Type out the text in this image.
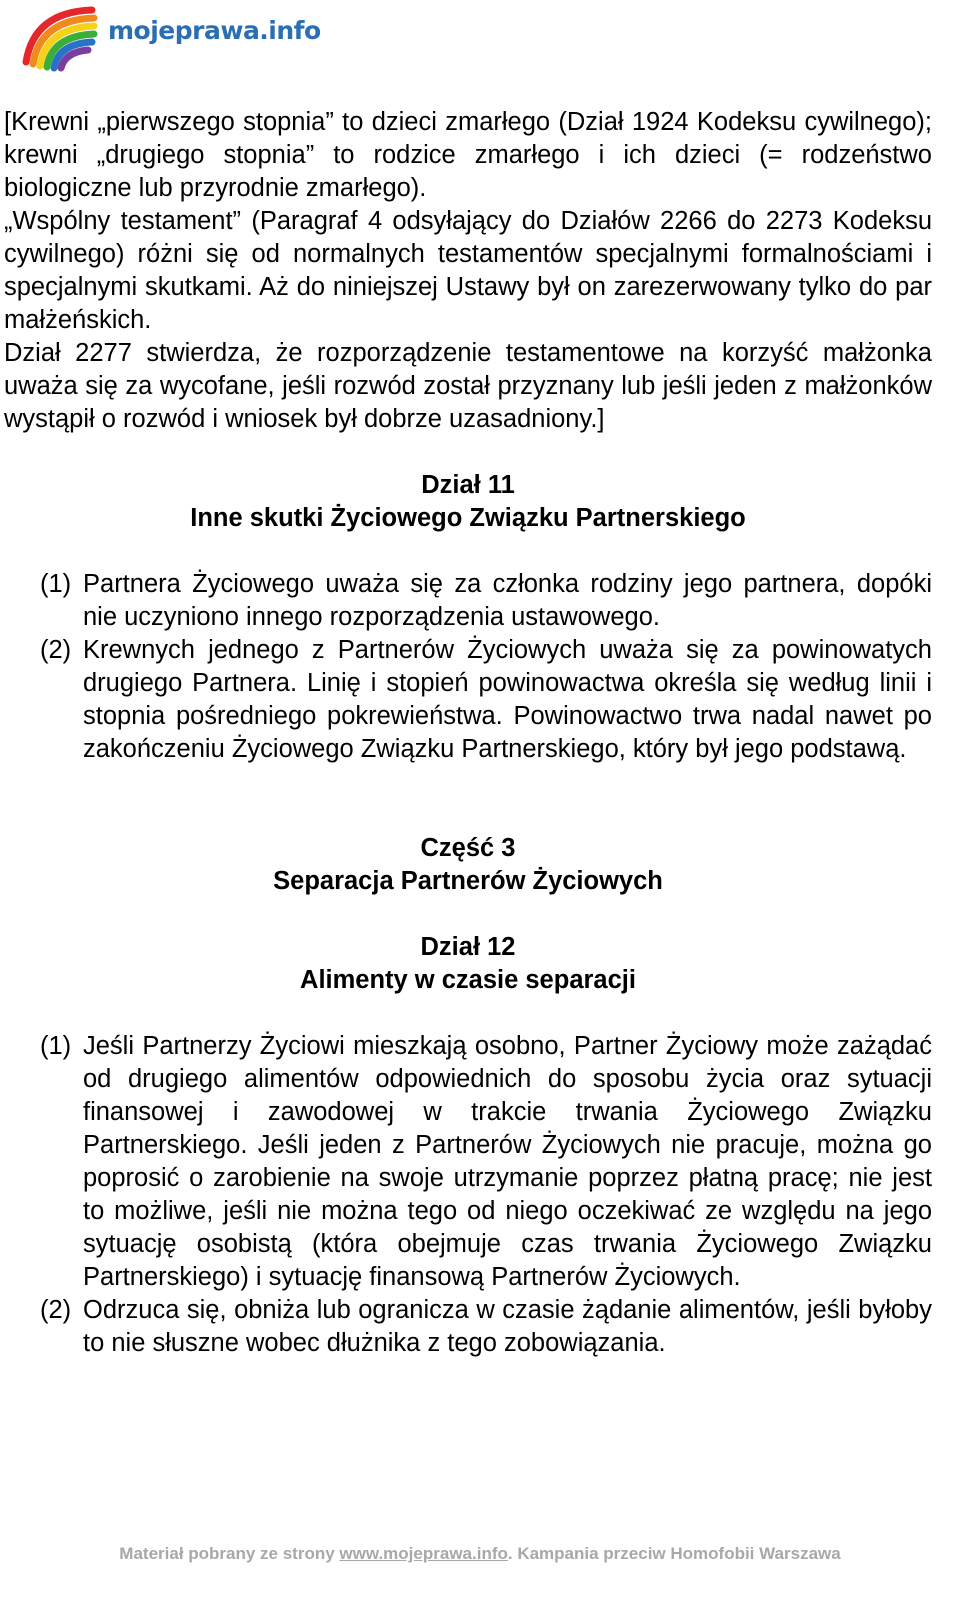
mojeprawa.info

[Krewni „pierwszego stopnia” to dzieci zmarłego (Dział 1924 Kodeksu cywilnego); krewni „drugiego stopnia” to rodzice zmarłego i ich dzieci (= rodzeństwo biologiczne lub przyrodnie zmarłego).

„Wspólny testament” (Paragraf 4 odsyłający do Działów 2266 do 2273 Kodeksu cywilnego) różni się od normalnych testamentów specjalnymi formalnościami i specjalnymi skutkami. Aż do niniejszej Ustawy był on zarezerwowany tylko do par małżeńskich.

Dział 2277 stwierdza, że rozporządzenie testamentowe na korzyść małżonka uważa się za wycofane, jeśli rozwód został przyznany lub jeśli jeden z małżonków wystąpił o rozwód i wniosek był dobrze uzasadniony.]

Dział 11
Inne skutki Życiowego Związku Partnerskiego
(1) Partnera Życiowego uważa się za członka rodziny jego partnera, dopóki nie uczyniono innego rozporządzenia ustawowego.
(2) Krewnych jednego z Partnerów Życiowych uważa się za powinowatych drugiego Partnera. Linię i stopień powinowactwa określa się według linii i stopnia pośredniego pokrewieństwa. Powinowactwo trwa nadal nawet po zakończeniu Życiowego Związku Partnerskiego, który był jego podstawą.
Część 3
Separacja Partnerów Życiowych
Dział 12
Alimenty w czasie separacji
(1) Jeśli Partnerzy Życiowi mieszkają osobno, Partner Życiowy może zażądać od drugiego alimentów odpowiednich do sposobu życia oraz sytuacji finansowej i zawodowej w trakcie trwania Życiowego Związku Partnerskiego. Jeśli jeden z Partnerów Życiowych nie pracuje, można go poprosić o zarobienie na swoje utrzymanie poprzez płatną pracę; nie jest to możliwe, jeśli nie można tego od niego oczekiwać ze względu na jego sytuację osobistą (która obejmuje czas trwania Życiowego Związku Partnerskiego) i sytuację finansową Partnerów Życiowych.
(2) Odrzuca się, obniża lub ogranicza w czasie żądanie alimentów, jeśli byłoby to nie słuszne wobec dłużnika z tego zobowiązania.
Materiał pobrany ze strony www.mojeprawa.info. Kampania przeciw Homofobii Warszawa
